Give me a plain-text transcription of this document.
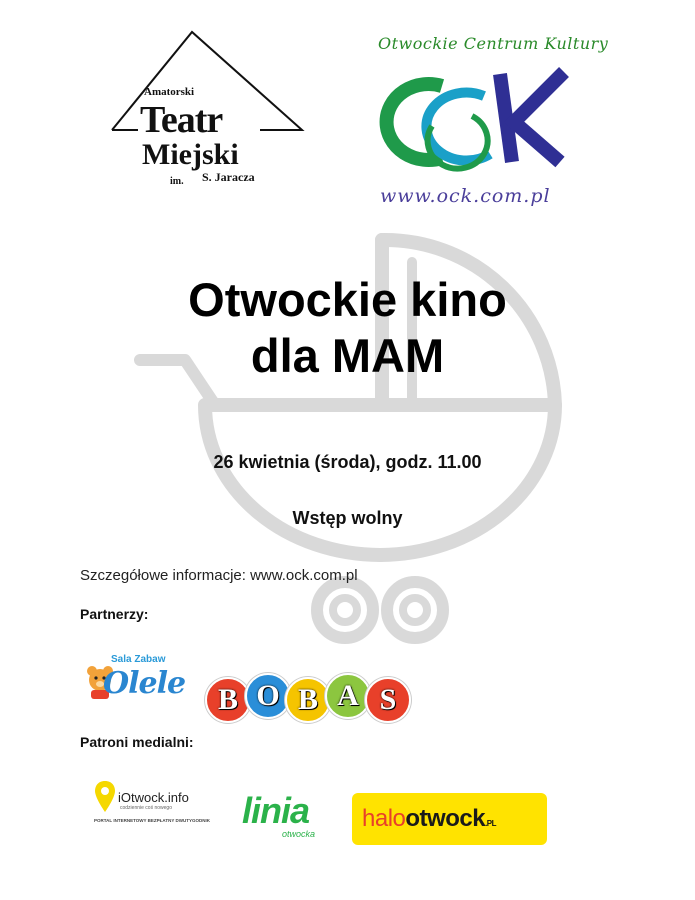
Amatorski
Teatr
Miejski
im. S. Jaracza
Otwockie Centrum Kultury
www.ock.com.pl
Otwockie kino
dla MAM
26 kwietnia (środa), godz. 11.00
Wstęp wolny
Szczegółowe informacje: www.ock.com.pl
Partnerzy:
Sala Zabaw
Olele B O B A S
Patroni medialni:
iOtwock.info
codziennie coś nowego
PORTAL INTERNETOWY BEZPŁATNY DWUTYGODNIK linia
otwocka
halootwock.PL
